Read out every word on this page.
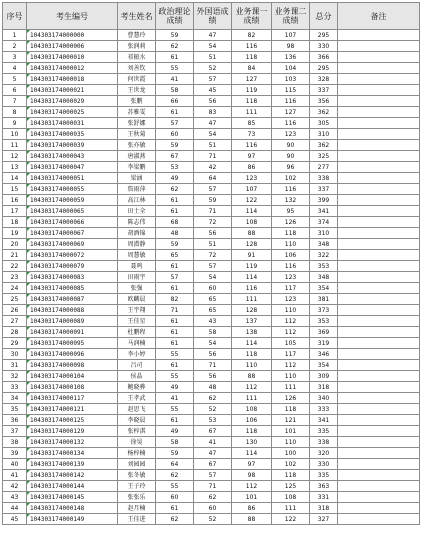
序号	考生编号	考生姓名	政治理论成绩	外国语成绩	业务课一成绩	业务课二成绩	总分	备注
1	104303174000000	曹慧玲	59	47	82	107	295	
2	104303174000006	张润莉	62	54	116	98	330	
3	104303174000010	祁振水	61	51	118	136	366	
4	104303174000012	刘善钦	55	52	84	104	295	
5	104303174000018	何世霞	41	57	127	103	328	
6	104303174000021	王世龙	58	45	119	115	337	
7	104303174000029	张鹏	66	56	118	116	356	
8	104303174000025	苏雅雯	61	83	111	127	362	
9	104303174000031	张舒娜	57	47	85	116	305	
10	104303174000035	王秋菊	60	54	73	123	310	
11	104303174000039	张亦敏	59	51	116	90	362	
12	104303174000043	唐淑燕	67	71	97	90	325	
13	104303174000047	李梁鹏	53	42	86	96	277	
14	104303174000051	梁涵	49	64	123	102	338	
15	104303174000055	詹雨萍	62	57	107	116	337	
16	104303174000059	高江林	61	59	122	132	399	
17	104303174000065	田士全	61	71	114	95	341	
18	104303174000066	陈志伟	68	72	108	126	374	
19	104303174000067	胡酒锦	48	56	88	118	310	
20	104303174000069	周潜静	59	51	128	110	348	
21	104303174000072	周慧敏	65	72	91	106	322	
22	104303174000079	聂鸣	61	57	119	116	353	
23	104303174000083	田雨宇	57	54	114	123	348	
24	104303174000085	张强	61	60	116	117	354	
25	104303174000087	欧麟晨	82	65	111	123	381	
26	104303174000088	王宇翔	71	65	128	110	373	
27	104303174000089	王佳星	61	43	137	112	353	
28	104303174000091	杜鹏程	61	58	138	112	369	
29	104303174000095	马润楠	61	54	114	105	319	
30	104303174000096	李小婷	55	56	118	117	346	
31	104303174000098	吕司	61	71	110	112	354	
32	104303174000104	侯晶	55	56	88	110	309	
33	104303174000108	鲍晓骅	49	48	112	111	318	
34	104303174000117	王孝武	41	62	111	126	340	
35	104303174000121	赵思飞	55	52	108	118	333	
36	104303174000125	李晓晨	61	53	106	121	341	
37	104303174000129	张梓淇	49	67	118	101	335	
38	104303174000132	徐昊	58	41	130	110	338	
39	104303174000134	杨梓楠	59	47	114	100	320	
40	104303174000139	刘园园	64	67	97	102	330	
41	104303174000142	张冬敏	62	57	98	118	335	
42	104303174000144	王子玲	55	71	112	125	363	
43	104303174000145	张张乐	60	62	101	108	331	
44	104303174000148	赵月楠	61	60	86	111	318	
45	104303174000149	王佳进	62	52	88	122	327	
